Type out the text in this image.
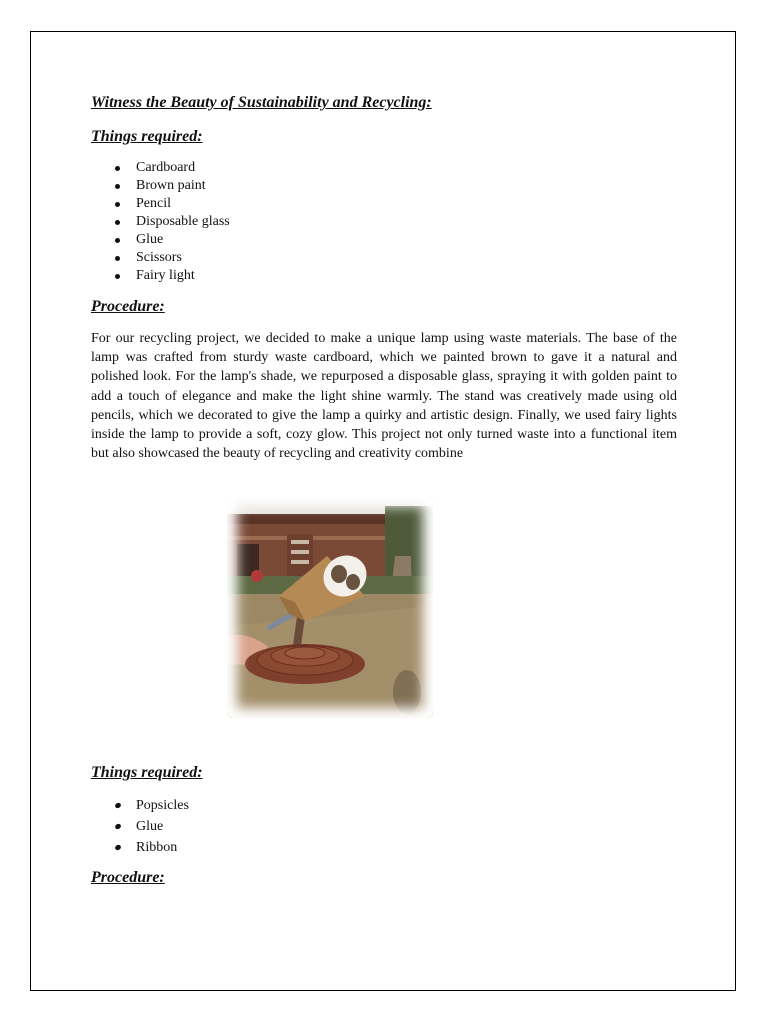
Witness the Beauty of Sustainability and Recycling:
Things required:
Cardboard
Brown paint
Pencil
Disposable glass
Glue
Scissors
Fairy light
Procedure:

For our recycling project, we decided to make a unique lamp using waste materials. The base of the lamp was crafted from sturdy waste cardboard, which we painted brown to gave it a natural and polished look. For the lamp's shade, we repurposed a disposable glass, spraying it with golden paint to add a touch of elegance and make the light shine warmly. The stand was creatively made using old pencils, which we decorated to give the lamp a quirky and artistic design. Finally, we used fairy lights inside the lamp to provide a soft, cozy glow. This project not only turned waste into a functional item but also showcased the beauty of recycling and creativity combine

Things required:
Popsicles
Glue
Ribbon
Procedure:
